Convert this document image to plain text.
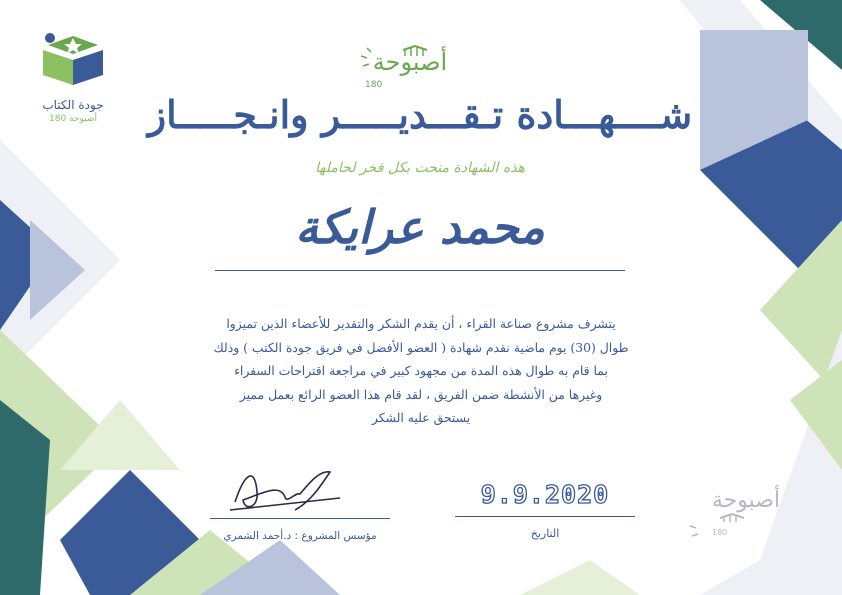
جودة الكتاب
أصبوحة 180
أصبوحة
180
شــــهـــادة تـقـــديـــــر وانـجـــــاز
هذه الشهادة منحت بكل فخر لحاملها
محمد عرايكة

يتشرف مشروع صناعة القراء ، أن يقدم الشكر والتقدير للأعضاء الذين تميزوا

طوال (30) يوم ماضية نقدم شهادة ( العضو الأفضل في فريق جودة الكتب ) وذلك

بما قام به طوال هذه المدة من مجهود كبير في مراجعة اقتراحات السفراء

وغيرها من الأنشطة ضمن الفريق ، لقد قام هذا العضو الرائع بعمل مميز

يستحق عليه الشكر

مؤسس المشروع : د.أحمد الشمري
9.9.2020
التاريخ
أصبوحة
180
